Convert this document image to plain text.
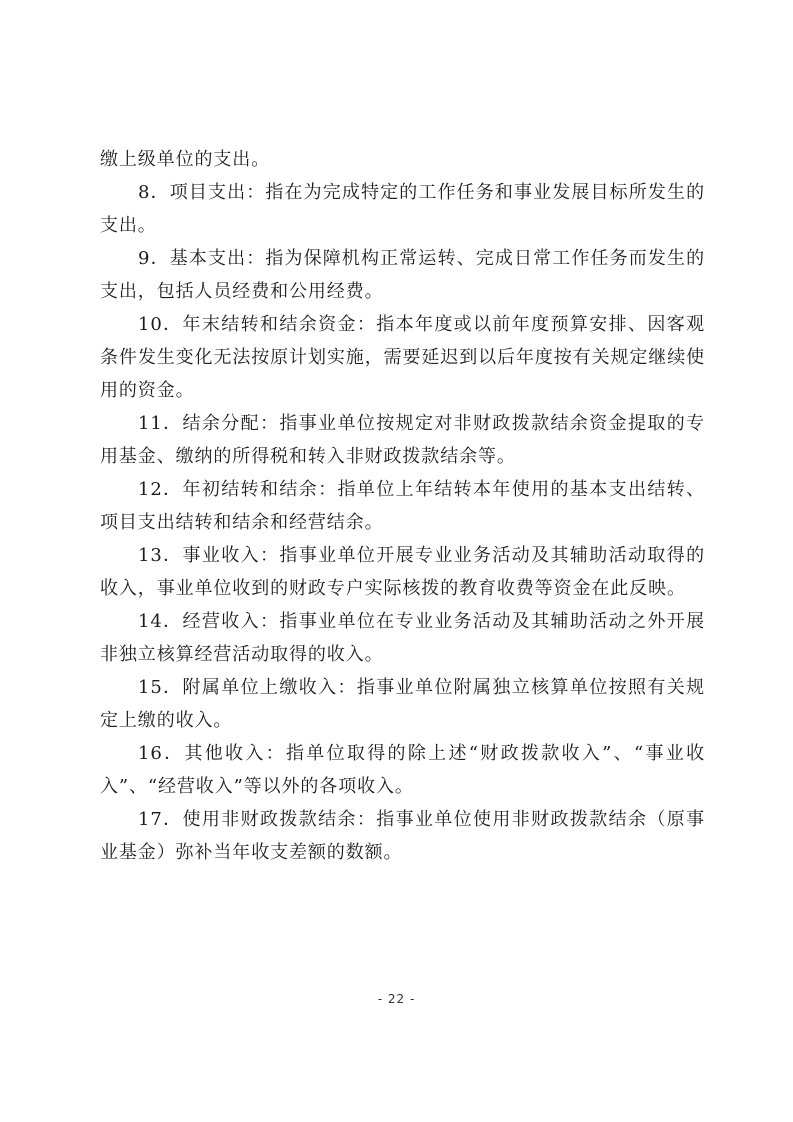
缴上级单位的支出。

8．项目支出：指在为完成特定的工作任务和事业发展目标所发生的支出。

9．基本支出：指为保障机构正常运转、完成日常工作任务而发生的支出，包括人员经费和公用经费。

10．年末结转和结余资金：指本年度或以前年度预算安排、因客观条件发生变化无法按原计划实施，需要延迟到以后年度按有关规定继续使用的资金。

11．结余分配：指事业单位按规定对非财政拨款结余资金提取的专用基金、缴纳的所得税和转入非财政拨款结余等。

12．年初结转和结余：指单位上年结转本年使用的基本支出结转、项目支出结转和结余和经营结余。

13．事业收入：指事业单位开展专业业务活动及其辅助活动取得的收入，事业单位收到的财政专户实际核拨的教育收费等资金在此反映。

14．经营收入：指事业单位在专业业务活动及其辅助活动之外开展非独立核算经营活动取得的收入。

15．附属单位上缴收入：指事业单位附属独立核算单位按照有关规定上缴的收入。

16．其他收入：指单位取得的除上述“财政拨款收入”、“事业收入”、“经营收入”等以外的各项收入。

17．使用非财政拨款结余：指事业单位使用非财政拨款结余（原事业基金）弥补当年收支差额的数额。

- 22 -
